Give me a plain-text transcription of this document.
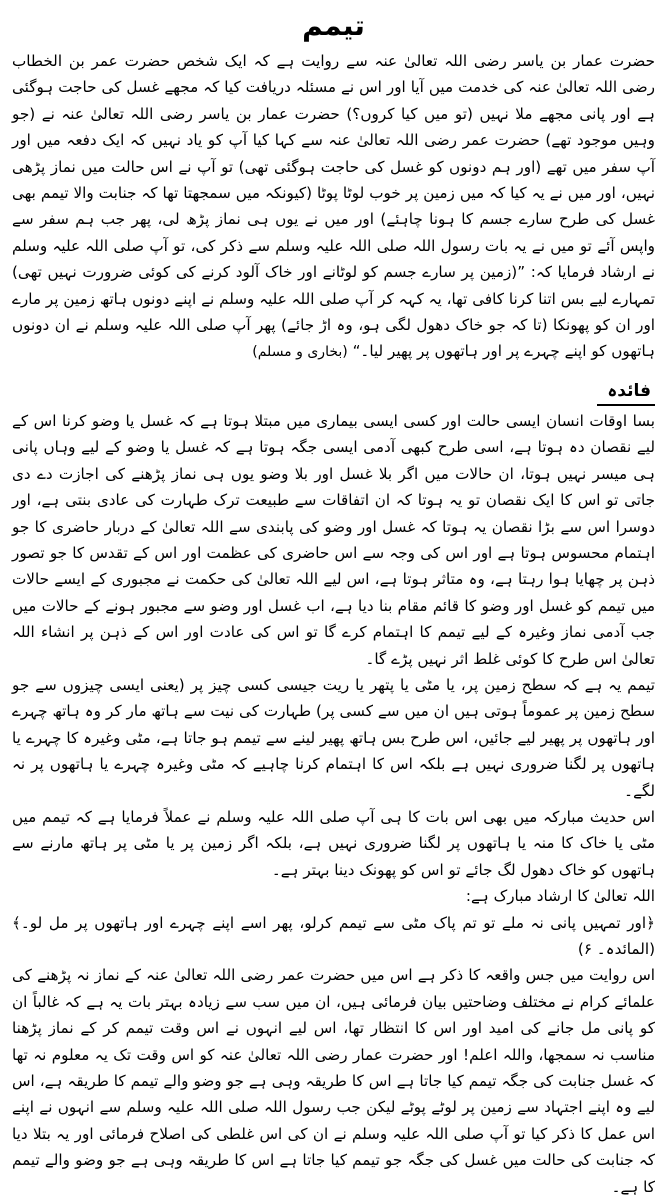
تیمم

حضرت عمار بن یاسر رضی اللہ تعالیٰ عنہ سے روایت ہے کہ ایک شخص حضرت عمر بن الخطاب رضی اللہ تعالیٰ عنہ کی خدمت میں آیا اور اس نے مسئلہ دریافت کیا کہ مجھے غسل کی حاجت ہوگئی ہے اور پانی مجھے ملا نہیں (تو میں کیا کروں؟) حضرت عمار بن یاسر رضی اللہ تعالیٰ عنہ نے (جو وہیں موجود تھے) حضرت عمر رضی اللہ تعالیٰ عنہ سے کہا کیا آپ کو یاد نہیں کہ ایک دفعہ میں اور آپ سفر میں تھے (اور ہم دونوں کو غسل کی حاجت ہوگئی تھی) تو آپ نے اس حالت میں نماز پڑھی نہیں، اور میں نے یہ کیا کہ میں زمین پر خوب لوٹا پوٹا (کیونکہ میں سمجھتا تھا کہ جنابت والا تیمم بھی غسل کی طرح سارے جسم کا ہونا چاہئے) اور میں نے یوں ہی نماز پڑھ لی، پھر جب ہم سفر سے واپس آئے تو میں نے یہ بات رسول اللہ صلی اللہ علیہ وسلم سے ذکر کی، تو آپ صلی اللہ علیہ وسلم نے ارشاد فرمایا کہ: ”(زمین پر سارے جسم کو لوٹانے اور خاک آلود کرنے کی کوئی ضرورت نہیں تھی) تمہارے لیے بس اتنا کرنا کافی تھا، یہ کہہ کر آپ صلی اللہ علیہ وسلم نے اپنے دونوں ہاتھ زمین پر مارے اور ان کو پھونکا (تا کہ جو خاک دھول لگی ہو، وہ اڑ جائے) پھر آپ صلی اللہ علیہ وسلم نے ان دونوں ہاتھوں کو اپنے چہرے پر اور ہاتھوں پر پھیر لیا۔“ (بخاری و مسلم)

فائدہ

بسا اوقات انسان ایسی حالت اور کسی ایسی بیماری میں مبتلا ہوتا ہے کہ غسل یا وضو کرنا اس کے لیے نقصان دہ ہوتا ہے، اسی طرح کبھی آدمی ایسی جگہ ہوتا ہے کہ غسل یا وضو کے لیے وہاں پانی ہی میسر نہیں ہوتا، ان حالات میں اگر بلا غسل اور بلا وضو یوں ہی نماز پڑھنے کی اجازت دے دی جاتی تو اس کا ایک نقصان تو یہ ہوتا کہ ان اتفاقات سے طبیعت ترک طہارت کی عادی بنتی ہے، اور دوسرا اس سے بڑا نقصان یہ ہوتا کہ غسل اور وضو کی پابندی سے اللہ تعالیٰ کے دربار حاضری کا جو اہتمام محسوس ہوتا ہے اور اس کی وجہ سے اس حاضری کی عظمت اور اس کے تقدس کا جو تصور ذہن پر چھایا ہوا رہتا ہے، وہ متاثر ہوتا ہے، اس لیے اللہ تعالیٰ کی حکمت نے مجبوری کے ایسے حالات میں تیمم کو غسل اور وضو کا قائم مقام بنا دیا ہے، اب غسل اور وضو سے مجبور ہونے کے حالات میں جب آدمی نماز وغیرہ کے لیے تیمم کا اہتمام کرے گا تو اس کی عادت اور اس کے ذہن پر انشاء اللہ تعالیٰ اس طرح کا کوئی غلط اثر نہیں پڑے گا۔

تیمم یہ ہے کہ سطح زمین پر، یا مٹی یا پتھر یا ریت جیسی کسی چیز پر (یعنی ایسی چیزوں سے جو سطح زمین پر عموماً ہوتی ہیں ان میں سے کسی پر) طہارت کی نیت سے ہاتھ مار کر وہ ہاتھ چہرے اور ہاتھوں پر پھیر لیے جائیں، اس طرح بس ہاتھ پھیر لینے سے تیمم ہو جاتا ہے، مٹی وغیرہ کا چہرے یا ہاتھوں پر لگنا ضروری نہیں ہے بلکہ اس کا اہتمام کرنا چاہیے کہ مٹی وغیرہ چہرے یا ہاتھوں پر نہ لگے۔

اس حدیث مبارکہ میں بھی اس بات کا ہی آپ صلی اللہ علیہ وسلم نے عملاً فرمایا ہے کہ تیمم میں مٹی یا خاک کا منہ یا ہاتھوں پر لگنا ضروری نہیں ہے، بلکہ اگر زمین پر یا مٹی پر ہاتھ مارنے سے ہاتھوں کو خاک دھول لگ جائے تو اس کو پھونک دینا بہتر ہے۔

اللہ تعالیٰ کا ارشاد مبارک ہے:

﴿اور تمہیں پانی نہ ملے تو تم پاک مٹی سے تیمم کرلو، پھر اسے اپنے چہرے اور ہاتھوں پر مل لو۔﴾ (المائدہ۔ ۶)

اس روایت میں جس واقعہ کا ذکر ہے اس میں حضرت عمر رضی اللہ تعالیٰ عنہ کے نماز نہ پڑھنے کی علمائے کرام نے مختلف وضاحتیں بیان فرمائی ہیں، ان میں سب سے زیادہ بہتر بات یہ ہے کہ غالباً ان کو پانی مل جانے کی امید اور اس کا انتظار تھا، اس لیے انہوں نے اس وقت تیمم کر کے نماز پڑھنا مناسب نہ سمجھا، واللہ اعلم! اور حضرت عمار رضی اللہ تعالیٰ عنہ کو اس وقت تک یہ معلوم نہ تھا کہ غسل جنابت کی جگہ تیمم کیا جاتا ہے اس کا طریقہ وہی ہے جو وضو والے تیمم کا طریقہ ہے، اس لیے وہ اپنے اجتہاد سے زمین پر لوٹے پوٹے لیکن جب رسول اللہ صلی اللہ علیہ وسلم سے انہوں نے اپنے اس عمل کا ذکر کیا تو آپ صلی اللہ علیہ وسلم نے ان کی اس غلطی کی اصلاح فرمائی اور یہ بتلا دیا کہ جنابت کی حالت میں غسل کی جگہ جو تیمم کیا جاتا ہے اس کا طریقہ وہی ہے جو وضو والے تیمم کا ہے۔
